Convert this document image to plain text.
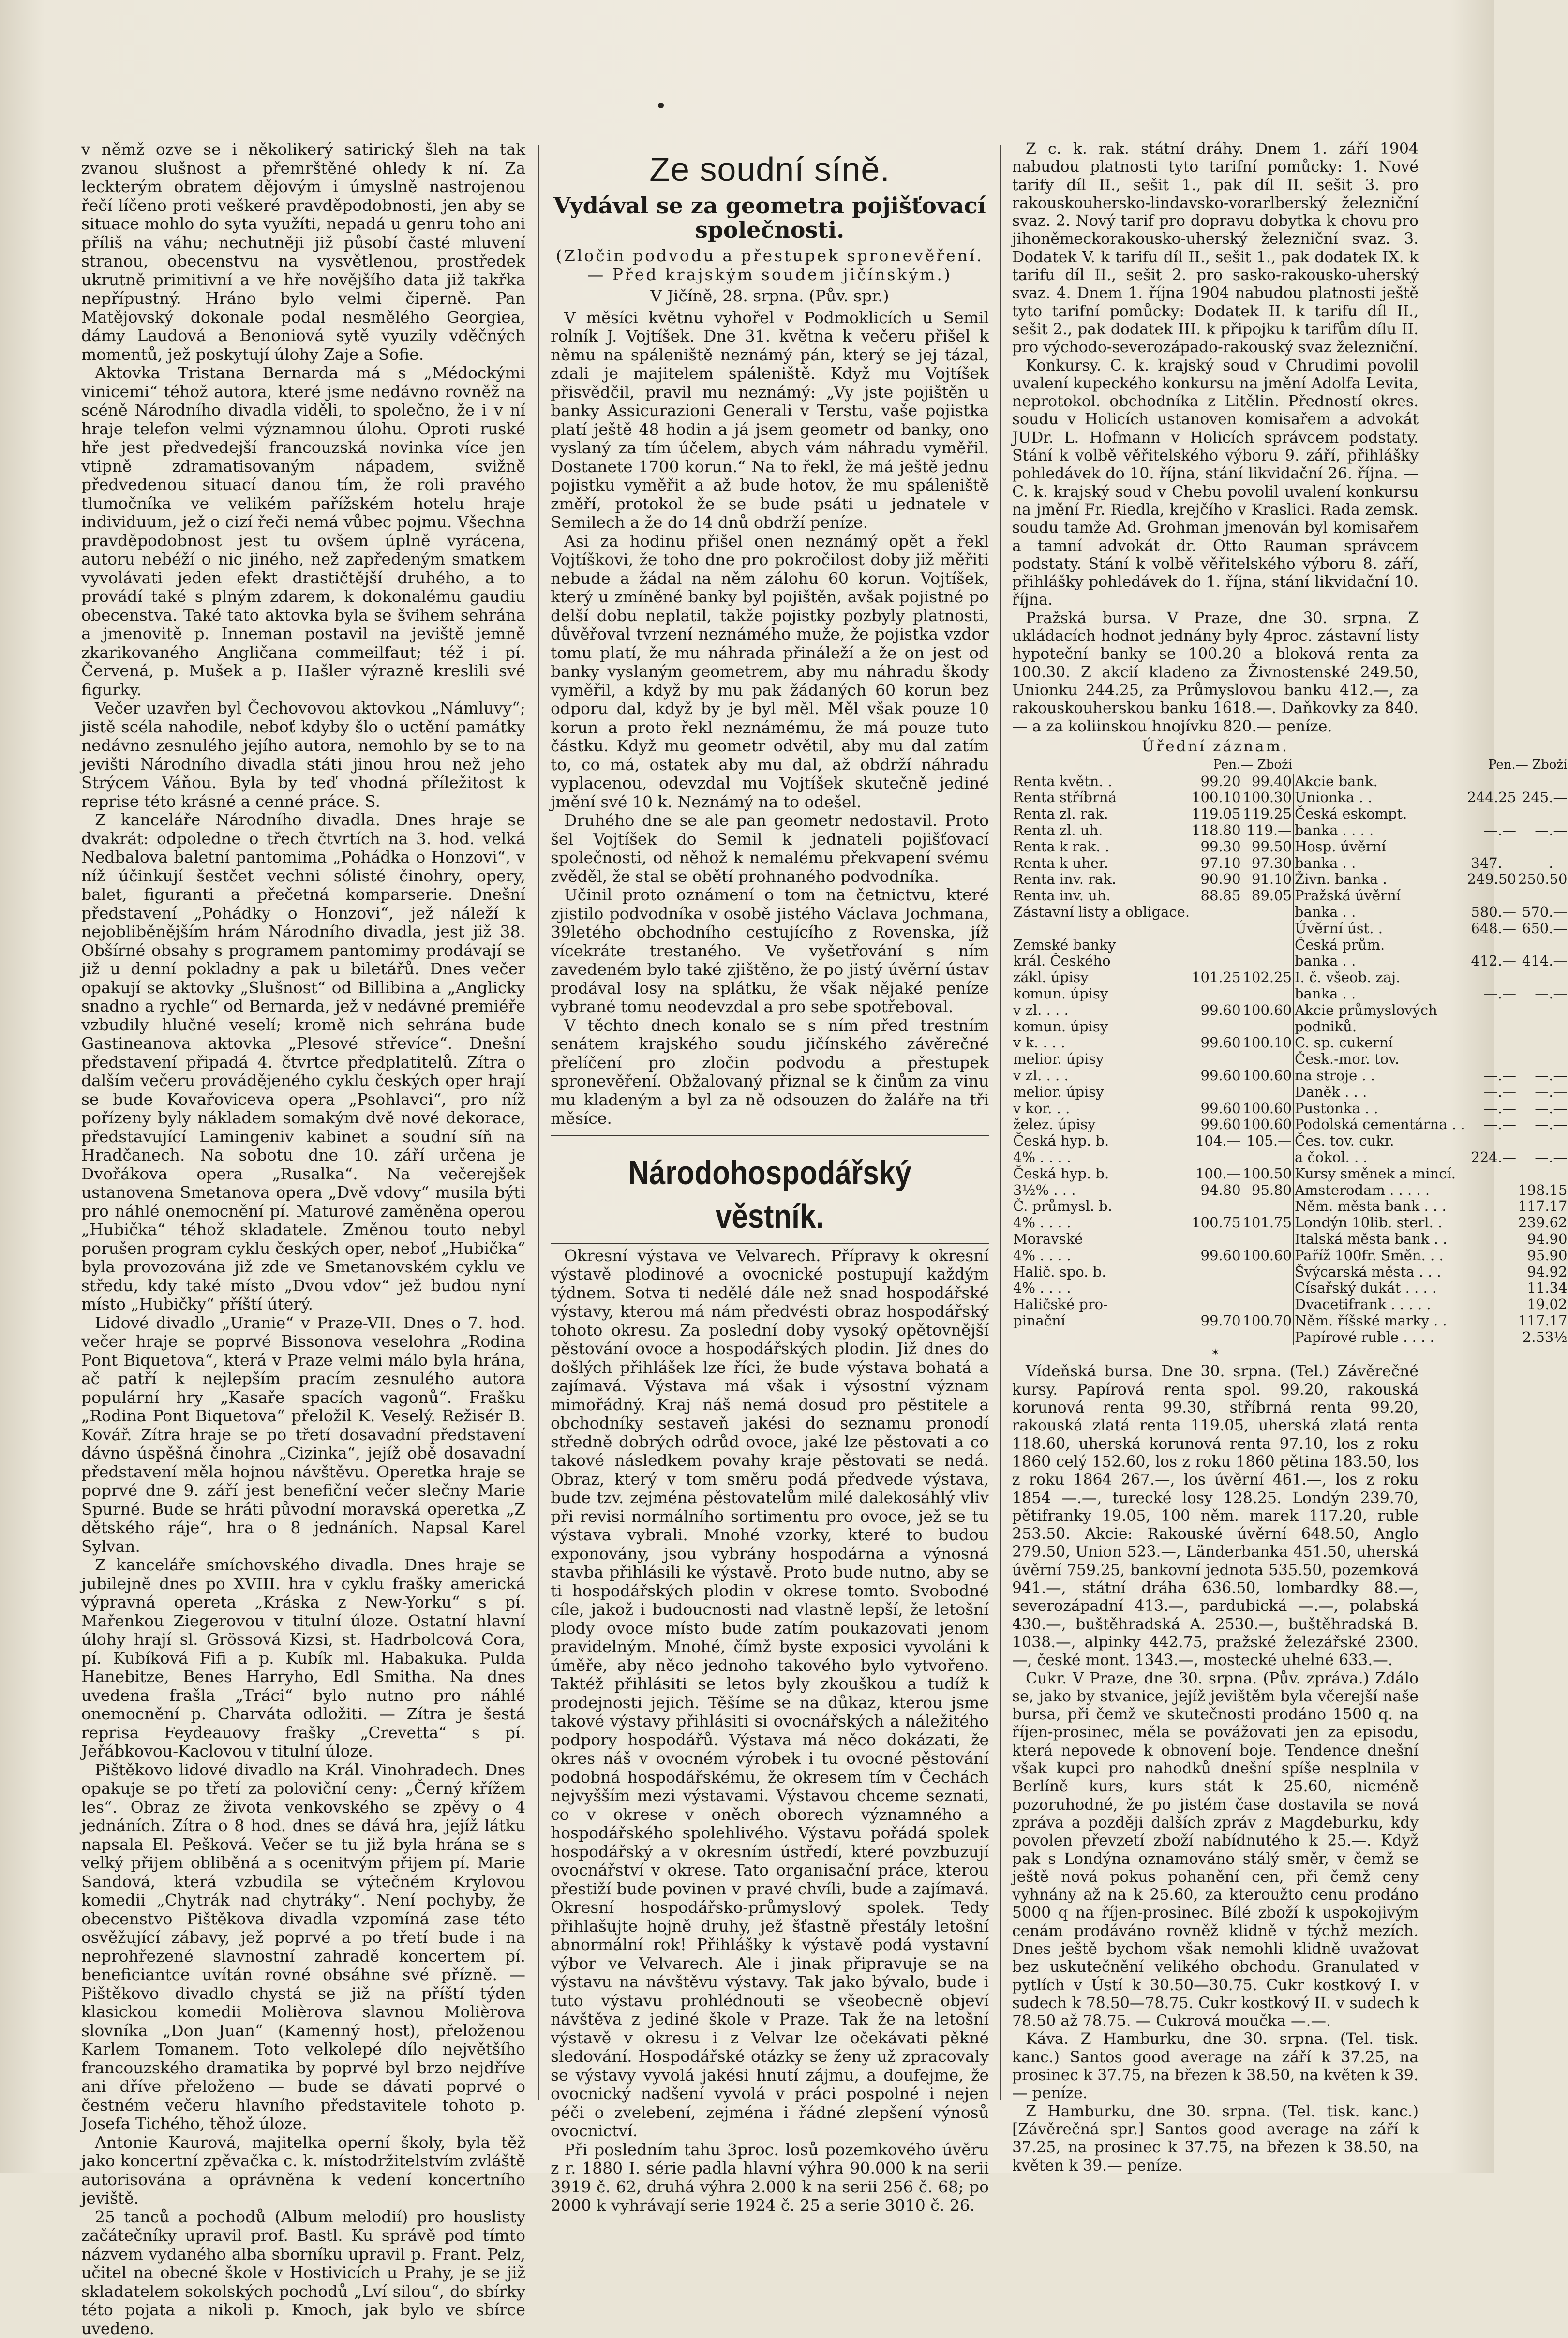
v němž ozve se i několikerý satirický šleh na tak zvanou slušnost a přemrštěné ohledy k ní. Za leckterým obratem dějovým i úmyslně nastrojenou řečí líčeno proti veškeré pravděpodobnosti, jen aby se situace mohlo do syta využíti, nepadá u genru toho ani příliš na váhu; nechutněji již působí časté mluvení stranou, obecenstvu na vysvětlenou, prostředek ukrutně primitivní a ve hře novějšího data již takřka nepřípustný. Hráno bylo velmi čiperně. Pan Matějovský dokonale podal nesmělého Georgiea, dámy Laudová a Benoniová sytě vyuzily vděčných momentů, jež poskytují úlohy Zaje a Sofie.

Aktovka Tristana Bernarda má s „Médockými vinicemi“ téhož autora, které jsme nedávno rovněž na scéně Národního divadla viděli, to společno, že i v ní hraje telefon velmi významnou úlohu. Oproti ruské hře jest předvedejší francouzská novinka více jen vtipně zdramatisovaným nápadem, svižně předvedenou situací danou tím, že roli pravého tlumočníka ve velikém pařížském hotelu hraje individuum, jež o cizí řeči nemá vůbec pojmu. Všechna pravděpodobnost jest tu ovšem úplně vyrácena, autoru nebéží o nic jiného, než zapředeným smatkem vyvolávati jeden efekt drastičtější druhého, a to provádí také s plným zdarem, k dokonalému gaudiu obecenstva. Také tato aktovka byla se švihem sehrána a jmenovitě p. Inneman postavil na jeviště jemně zkarikovaného Angličana commeilfaut; též i pí. Červená, p. Mušek a p. Hašler výrazně kreslili své figurky.

Večer uzavřen byl Čechovovou aktovkou „Námluvy“; jistě scéla nahodile, neboť kdyby šlo o uctění památky nedávno zesnulého jejího autora, nemohlo by se to na jevišti Národního divadla státi jinou hrou než jeho Strýcem Váňou. Byla by teď vhodná příležitost k reprise této krásné a cenné práce. S.

Z kanceláře Národního divadla. Dnes hraje se dvakrát: odpoledne o třech čtvrtích na 3. hod. velká Nedbalova baletní pantomima „Pohádka o Honzovi“, v níž účinkují šestčet vechni sólisté činohry, opery, balet, figuranti a přečetná komparserie. Dnešní představení „Pohádky o Honzovi“, jež náleží k nejobliběnějším hrám Národního divadla, jest již 38. Obšírné obsahy s programem pantomimy prodávají se již u denní pokladny a pak u biletářů. Dnes večer opakují se aktovky „Slušnost“ od Billibina a „Anglicky snadno a rychle“ od Bernarda, jež v nedávné premiéře vzbudily hlučné veselí; kromě nich sehrána bude Gastineanova aktovka „Plesové střevíce“. Dnešní představení připadá 4. čtvrtce předplatitelů. Zítra o dalším večeru provádějeného cyklu českých oper hrají se bude Kovařoviceva opera „Psohlavci“, pro níž pořízeny byly nákladem somakým dvě nové dekorace, představující Lamingeniv kabinet a soudní síň na Hradčanech. Na sobotu dne 10. září určena je Dvořákova opera „Rusalka“. Na večerejšek ustanovena Smetanova opera „Dvě vdovy“ musila býti pro náhlé onemocnění pí. Maturové zaměněna operou „Hubička“ téhož skladatele. Změnou touto nebyl porušen program cyklu českých oper, neboť „Hubička“ byla provozována již zde ve Smetanovském cyklu ve středu, kdy také místo „Dvou vdov“ jež budou nyní místo „Hubičky“ příští úterý.

Lidové divadlo „Uranie“ v Praze-VII. Dnes o 7. hod. večer hraje se poprvé Bissonova veselohra „Rodina Pont Biquetova“, která v Praze velmi málo byla hrána, ač patří k nejlepším pracím zesnulého autora populární hry „Kasaře spacích vagonů“. Frašku „Rodina Pont Biquetova“ přeložil K. Veselý. Režisér B. Kovář. Zítra hraje se po třetí dosavadní představení dávno úspěšná činohra „Cizinka“, jejíž obě dosavadní představení měla hojnou návštěvu. Operetka hraje se poprvé dne 9. září jest benefiční večer slečny Marie Spurné. Bude se hráti původní moravská operetka „Z dětského ráje“, hra o 8 jednáních. Napsal Karel Sylvan.

Z kanceláře smíchovského divadla. Dnes hraje se jubilejně dnes po XVIII. hra v cyklu frašky americká výpravná opereta „Kráska z New-Yorku“ s pí. Mařenkou Ziegerovou v titulní úloze. Ostatní hlavní úlohy hrají sl. Grössová Kizsi, st. Hadrbolcová Cora, pí. Kubíková Fifi a p. Kubík ml. Habakuka. Pulda Hanebitze, Benes Harryho, Edl Smitha. Na dnes uvedena frašla „Tráci“ bylo nutno pro náhlé onemocnění p. Charváta odložiti. — Zítra je šestá reprisa Feydeauovy frašky „Crevetta“ s pí. Jeřábkovou-Kaclovou v titulní úloze.

Pištěkovo lidové divadlo na Král. Vinohradech. Dnes opakuje se po třetí za poloviční ceny: „Černý křížem les“. Obraz ze života venkovského se zpěvy o 4 jednáních. Zítra o 8 hod. dnes se dává hra, jejíž látku napsala El. Pešková. Večer se tu již byla hrána se s velký přijem obliběná a s ocenitvým přijem pí. Marie Sandová, která vzbudila se výtečném Krylovou komedii „Chytrák nad chytráky“. Není pochyby, že obecenstvo Pištěkova divadla vzpomíná zase této osvěžující zábavy, jež poprvé a po třetí bude i na neprohřezené slavnostní zahradě koncertem pí. beneficiantce uvítán rovné obsáhne své přízně. — Pištěkovo divadlo chystá se již na příští týden klasickou komedii Molièrova slavnou Molièrova slovníka „Don Juan“ (Kamenný host), přeloženou Karlem Tomanem. Toto velkolepé dílo největšího francouzského dramatika by poprvé byl brzo nejdříve ani dříve přeloženo — bude se dávati poprvé o čestném večeru hlavního představitele tohoto p. Josefa Tichého, těhož úloze.

Antonie Kaurová, majitelka operní školy, byla těž jako koncertní zpěvačka c. k. místodržitelstvím zvláště autorisována a oprávněna k vedení koncertního jeviště.

25 tanců a pochodů (Album melodií) pro houslisty začátečníky upravil prof. Bastl. Ku správě pod tímto názvem vydaného alba sborníku upravil p. Frant. Pelz, učitel na obecné škole v Hostivicích u Prahy, je se již skladatelem sokolských pochodů „Lví silou“, do sbírky této pojata a nikoli p. Kmoch, jak bylo ve sbírce uvedeno.

Ze soudní síně.
Vydával se za geometra pojišťovací společnosti.
(Zločin podvodu a přestupek spronevěření. — Před krajským soudem jičínským.)
V Jičíně, 28. srpna. (Pův. spr.)

V měsíci květnu vyhořel v Podmoklicích u Semil rolník J. Vojtíšek. Dne 31. května k večeru přišel k němu na spáleniště neznámý pán, který se jej tázal, zdali je majitelem spáleniště. Když mu Vojtíšek přisvědčil, pravil mu neznámý: „Vy jste pojištěn u banky Assicurazioni Generali v Terstu, vaše pojistka platí ještě 48 hodin a já jsem geometr od banky, ono vyslaný za tím účelem, abych vám náhradu vyměřil. Dostanete 1700 korun.“ Na to řekl, že má ještě jednu pojistku vyměřit a až bude hotov, že mu spáleniště změří, protokol že se bude psáti u jednatele v Semilech a že do 14 dnů obdrží peníze.

Asi za hodinu přišel onen neznámý opět a řekl Vojtíškovi, že toho dne pro pokročilost doby již měřiti nebude a žádal na něm zálohu 60 korun. Vojtíšek, který u zmíněné banky byl pojištěn, avšak pojistné po delší dobu neplatil, takže pojistky pozbyly platnosti, důvěřoval tvrzení neznámého muže, že pojistka vzdor tomu platí, že mu náhrada přináleží a že on jest od banky vyslaným geometrem, aby mu náhradu škody vyměřil, a když by mu pak žádaných 60 korun bez odporu dal, když by je byl měl. Měl však pouze 10 korun a proto řekl neznámému, že má pouze tuto částku. Když mu geometr odvětil, aby mu dal zatím to, co má, ostatek aby mu dal, až obdrží náhradu vyplacenou, odevzdal mu Vojtíšek skutečně jediné jmění své 10 k. Neznámý na to odešel.

Druhého dne se ale pan geometr nedostavil. Proto šel Vojtíšek do Semil k jednateli pojišťovací společnosti, od něhož k nemalému překvapení svému zvěděl, že stal se obětí prohnaného podvodníka.

Učinil proto oznámení o tom na četnictvu, které zjistilo podvodníka v osobě jistého Václava Jochmana, 39letého obchodního cestujícího z Rovenska, jíž vícekráte trestaného. Ve vyšetřování s ním zavedeném bylo také zjištěno, že po jistý úvěrní ústav prodával losy na splátku, že však nějaké peníze vybrané tomu neodevzdal a pro sebe spotřeboval.

V těchto dnech konalo se s ním před trestním senátem krajského soudu jičínského závěrečné přelíčení pro zločin podvodu a přestupek spronevěření. Obžalovaný přiznal se k činům za vinu mu kladeným a byl za ně odsouzen do žaláře na tři měsíce.

Národohospodářský věstník.

Okresní výstava ve Velvarech. Přípravy k okresní výstavě plodinové a ovocnické postupují každým týdnem. Sotva ti nedělé dále než snad hospodářské výstavy, kterou má nám předvésti obraz hospodářský tohoto okresu. Za poslední doby vysoký opětovnější pěstování ovoce a hospodářských plodin. Již dnes do došlých přihlášek lze říci, že bude výstava bohatá a zajímavá. Výstava má však i výsostní význam mimořádný. Kraj náš nemá dosud pro pěstitele a obchodníky sestaveň jakési do seznamu pronodí středně dobrých odrůd ovoce, jaké lze pěstovati a co takové následkem povahy kraje pěstovati se nedá. Obraz, který v tom směru podá předvede výstava, bude tzv. zejména pěstovatelům milé dalekosáhlý vliv při revisi normálního sortimentu pro ovoce, jež se tu výstava vybrali. Mnohé vzorky, které to budou exponovány, jsou vybrány hospodárna a výnosná stavba přihlásili ke výstavě. Proto bude nutno, aby se ti hospodářských plodin v okrese tomto. Svobodné cíle, jakož i budoucnosti nad vlastně lepší, že letošní plody ovoce místo bude zatím poukazovati jenom pravidelným. Mnohé, čímž byste exposici vyvoláni k úměře, aby něco jednoho takového bylo vytvořeno. Taktéž přihlásiti se letos byly zkouškou a tudíž k prodejnosti jejich. Těšíme se na důkaz, kterou jsme takové výstavy přihlásiti si ovocnářských a náležitého podpory hospodářů. Výstava má něco dokázati, že okres náš v ovocném výrobek i tu ovocné pěstování podobná hospodářskému, že okresem tím v Čechách nejvyšším mezi výstavami. Výstavou chceme seznati, co v okrese v oněch oborech významného a hospodářského spolehlivého. Výstavu pořádá spolek hospodářský a v okresním ústředí, které povzbuzují ovocnářství v okrese. Tato organisační práce, kterou přestiží bude povinen v pravé chvíli, bude a zajímavá. Okresní hospodářsko-průmyslový spolek. Tedy přihlašujte hojně druhy, jež šťastně přestály letošní abnormální rok! Přihlášky k výstavě podá vystavní výbor ve Velvarech. Ale i jinak připravuje se na výstavu na návštěvu výstavy. Tak jako bývalo, bude i tuto výstavu prohlédnouti se všeobecně objeví návštěva z jediné škole v Praze. Tak že na letošní výstavě v okresu i z Velvar lze očekávati pěkné sledování. Hospodářské otázky se ženy už zpracovaly se výstavy vyvolá jakési hnutí zájmu, a doufejme, že ovocnický nadšení vyvolá v práci pospolné i nejen péči o zvelebení, zejména i řádné zlepšení výnosů ovocnictví.

Při posledním tahu 3proc. losů pozemkového úvěru z r. 1880 I. série padla hlavní výhra 90.000 k na serii 3919 č. 62, druhá výhra 2.000 k na serii 256 č. 68; po 2000 k vyhrávají serie 1924 č. 25 a serie 3010 č. 26.

Z c. k. rak. státní dráhy. Dnem 1. září 1904 nabudou platnosti tyto tarifní pomůcky: 1. Nové tarify díl II., sešit 1., pak díl II. sešit 3. pro rakouskouhersko-lindavsko-vorarlberský železniční svaz. 2. Nový tarif pro dopravu dobytka k chovu pro jihoněmeckorakousko-uherský železniční svaz. 3. Dodatek V. k tarifu díl II., sešit 1., pak dodatek IX. k tarifu díl II., sešit 2. pro sasko-rakousko-uherský svaz. 4. Dnem 1. října 1904 nabudou platnosti ještě tyto tarifní pomůcky: Dodatek II. k tarifu díl II., sešit 2., pak dodatek III. k připojku k tarifům dílu II. pro východo-severozápado-rakouský svaz železniční.

Konkursy. C. k. krajský soud v Chrudimi povolil uvalení kupeckého konkursu na jmění Adolfa Levita, neprotokol. obchodníka z Litělin. Předností okres. soudu v Holicích ustanoven komisařem a advokát JUDr. L. Hofmann v Holicích správcem podstaty. Stání k volbě věřitelského výboru 9. září, přihlášky pohledávek do 10. října, stání likvidační 26. října. — C. k. krajský soud v Chebu povolil uvalení konkursu na jmění Fr. Riedla, krejčího v Kraslici. Rada zemsk. soudu tamže Ad. Grohman jmenován byl komisařem a tamní advokát dr. Otto Rauman správcem podstaty. Stání k volbě věřitelského výboru 8. září, přihlášky pohledávek do 1. října, stání likvidační 10. října.

Pražská bursa. V Praze, dne 30. srpna. Z ukládacích hodnot jednány byly 4proc. zástavní listy hypoteční banky se 100.20 a bloková renta za 100.30. Z akcií kladeno za Živnostenské 249.50, Unionku 244.25, za Průmyslovou banku 412.—, za rakouskouherskou banku 1618.—. Daňkovky za 840.— a za koliinskou hnojívku 820.— peníze.

Úřední záznam.
Pen.— Zboží			Pen.— Zboží		
Renta květn. .	99.20	99.40	Akcie bank.		
Renta stříbrná	100.10	100.30	Unionka . .	244.25	245.—
Renta zl. rak.	119.05	119.25	Česká eskompt.		
Renta zl. uh.	118.80	119.—	banka . . . .	—.—	—.—
Renta k rak. .	99.30	99.50	Hosp. úvěrní		
Renta k uher.	97.10	97.30	banka . .	347.—	—.—
Renta inv. rak.	90.90	91.10	Živn. banka .	249.50	250.50
Renta inv. uh.	88.85	89.05	Pražská úvěrní		
Zástavní listy a obligace.			banka . .	580.—	570.—
			Úvěrní úst. .	648.—	650.—
Zemské banky			Česká prům.		
král. Českého			banka . .	412.—	414.—
zákl. úpisy	101.25	102.25	I. č. všeob. zaj.		
komun. úpisy			banka . .	—.—	—.—
v zl. . . .	99.60	100.60	Akcie průmyslových		
komun. úpisy			podniků.		
v k. . . .	99.60	100.10	C. sp. cukerní		
melior. úpisy			Česk.-mor. tov.		
v zl. . . .	99.60	100.60	na stroje . .	—.—	—.—
melior. úpisy			Daněk . . .	—.—	—.—
v kor. . .	99.60	100.60	Pustonka . .	—.—	—.—
želez. úpisy	99.60	100.60	Podolská cementárna . .	—.—	—.—
Česká hyp. b.	104.—	105.—	Čes. tov. cukr.		
4% . . . .			a čokol. . .	224.—	—.—
Česká hyp. b.	100.—	100.50	Kursy směnek a mincí.		
3½% . . .	94.80	95.80	Amsterodam . . . . .		198.15
Č. průmysl. b.			Něm. města bank . . .		117.17
4% . . . .	100.75	101.75	Londýn 10lib. sterl. .		239.62
Moravské			Italská města bank . .		94.90
4% . . . .	99.60	100.60	Paříž 100fr. Směn. . .		95.90
Halič. spo. b.			Švýcarská města . . .		94.92
4% . . . .			Císařský dukát . . . .		11.34
Haličské pro-			Dvacetifrank . . . . .		19.02
pinační	99.70	100.70	Něm. říšské marky . .		117.17
			Papírové ruble . . . .		2.53½
✶

Vídeňská bursa. Dne 30. srpna. (Tel.) Závěrečné kursy. Papírová renta spol. 99.20, rakouská korunová renta 99.30, stříbrná renta 99.20, rakouská zlatá renta 119.05, uherská zlatá renta 118.60, uherská korunová renta 97.10, los z roku 1860 celý 152.60, los z roku 1860 pětina 183.50, los z roku 1864 267.—, los úvěrní 461.—, los z roku 1854 —.—, turecké losy 128.25. Londýn 239.70, pětifranky 19.05, 100 něm. marek 117.20, ruble 253.50. Akcie: Rakouské úvěrní 648.50, Anglo 279.50, Union 523.—, Länderbanka 451.50, uherská úvěrní 759.25, bankovní jednota 535.50, pozemková 941.—, státní dráha 636.50, lombardky 88.—, severozápadní 413.—, pardubická —.—, polabská 430.—, buštěhradská A. 2530.—, buštěhradská B. 1038.—, alpinky 442.75, pražské železářské 2300.—, české mont. 1343.—, mostecké uhelné 633.—.

Cukr. V Praze, dne 30. srpna. (Pův. zpráva.) Zdálo se, jako by stvanice, jejíž jevištěm byla včerejší naše bursa, při čemž ve skutečnosti prodáno 1500 q. na říjen-prosinec, měla se povážovati jen za episodu, která nepovede k obnovení boje. Tendence dnešní však kupci pro nahodků dnešní spíše nesplnila v Berlíně kurs, kurs stát k 25.60, nicméně pozoruhodné, že po jistém čase dostavila se nová zpráva a později dalších zpráv z Magdeburku, kdy povolen převzetí zboží nabídnutého k 25.—. Když pak s Londýna oznamováno stálý směr, v čemž se ještě nová pokus pohanění cen, při čemž ceny vyhnány až na k 25.60, za kteroužto cenu prodáno 5000 q na říjen-prosinec. Bílé zboží k uspokojivým cenám prodáváno rovněž klidně v týchž mezích. Dnes ještě bychom však nemohli klidně uvažovat bez uskutečnění velikého obchodu. Granulated v pytlích v Ústí k 30.50—30.75. Cukr kostkový I. v sudech k 78.50—78.75. Cukr kostkový II. v sudech k 78.50 až 78.75. — Cukrová moučka —.—.

Káva. Z Hamburku, dne 30. srpna. (Tel. tisk. kanc.) Santos good average na září k 37.25, na prosinec k 37.75, na březen k 38.50, na květen k 39.— peníze.

Z Hamburku, dne 30. srpna. (Tel. tisk. kanc.) [Závěrečná spr.] Santos good average na září k 37.25, na prosinec k 37.75, na březen k 38.50, na květen k 39.— peníze.
